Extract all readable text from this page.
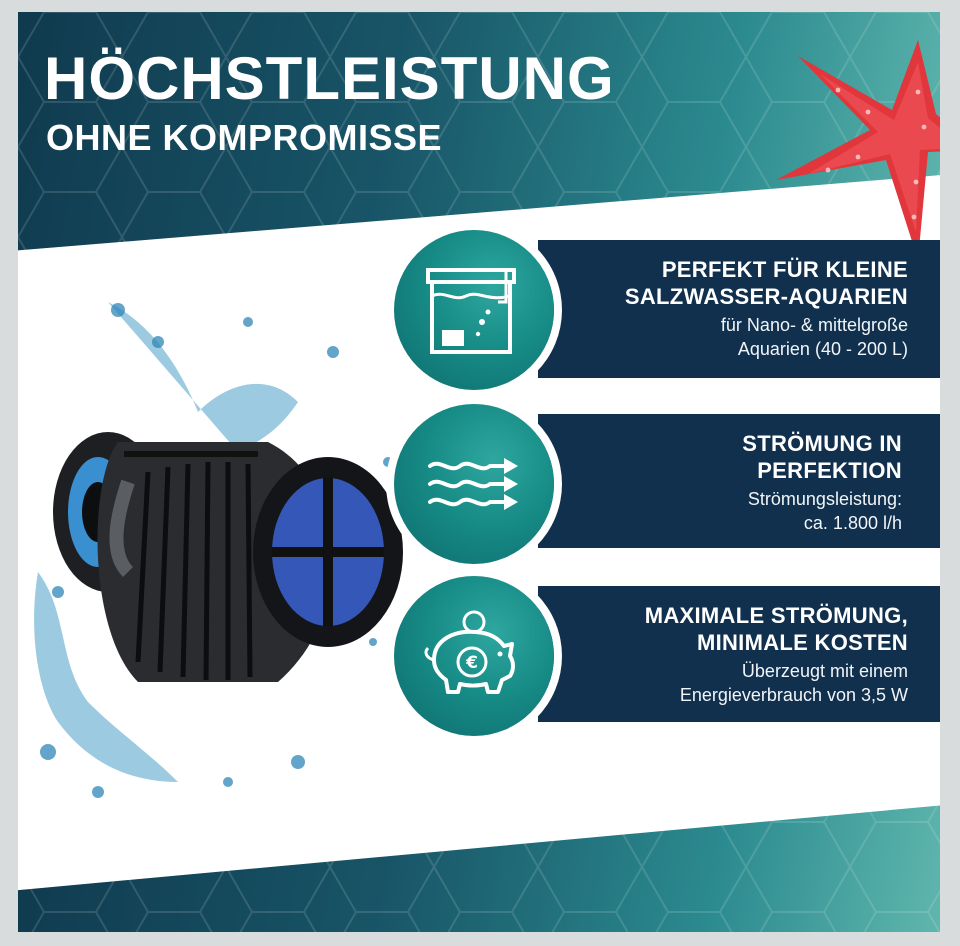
HÖCHSTLEISTUNG
OHNE KOMPROMISSE
PERFEKT FÜR KLEINE
SALZWASSER-AQUARIEN
für Nano- & mittelgroße
Aquarien (40 - 200 L)
STRÖMUNG IN
PERFEKTION
Strömungsleistung:
ca. 1.800 l/h
€
MAXIMALE STRÖMUNG,
MINIMALE KOSTEN
Überzeugt mit einem
Energieverbrauch von 3,5 W
